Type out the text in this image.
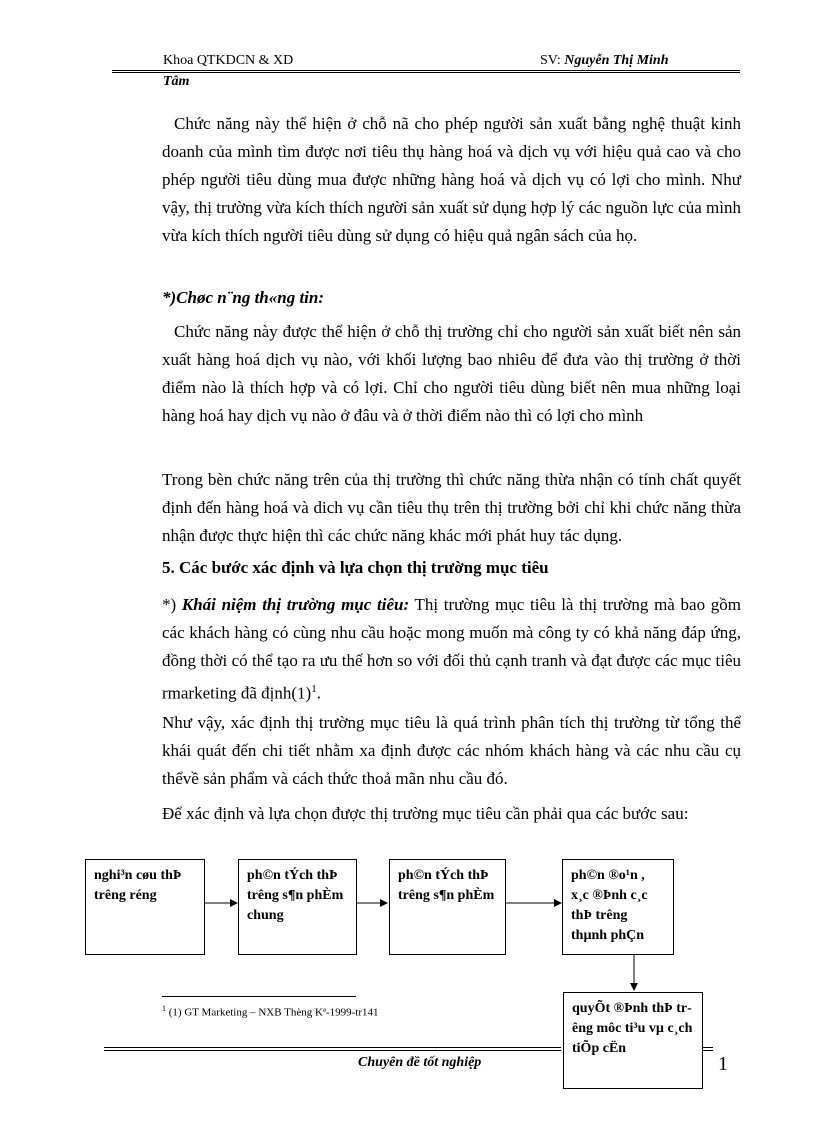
Khoa QTKDCN & XD	SV: Nguyễn Thị Minh
Tâm
Chức năng này thể hiện ở chỗ nã cho phép người sản xuất bằng nghệ thuật kinh doanh của mình tìm được nơi tiêu thụ hàng hoá và dịch vụ với hiệu quả cao và cho phép người tiêu dùng mua được những hàng hoá và dịch vụ có lợi cho mình. Như vậy, thị trường vừa kích thích người sản xuất sử dụng hợp lý các nguồn lực của mình vừa kích thích người tiêu dùng sử dụng có hiệu quả ngân sách của họ.
*)Chøc n¨ng th«ng tin:
Chức năng này được thể hiện ở chỗ thị trường chỉ cho người sản xuất biết nên sản xuất hàng hoá dịch vụ nào, với khối lượng bao nhiêu để đưa vào thị trường ở thời điểm nào là thích hợp và có lợi. Chỉ cho người tiêu dùng biết nên mua những loại hàng hoá hay dịch vụ nào ở đâu và ở thời điểm nào thì có lợi cho mình
Trong bèn chức năng trên của thị trường thì chức năng thừa nhận có tính chất quyết định đến hàng hoá và dich vụ cần tiêu thụ trên thị trường bởi chỉ khi chức năng thừa nhận được thực hiện thì các chức năng khác mới phát huy tác dụng.
5. Các bước xác định và lựa chọn thị trường mục tiêu
*) Khái niệm thị trường mục tiêu: Thị trường mục tiêu là thị trường mà bao gồm các khách hàng có cùng nhu cầu hoặc mong muốn mà công ty có khả năng đáp ứng, đồng thời có thể tạo ra ưu thế hơn so với đối thủ cạnh tranh và đạt được các mục tiêu rmarketing đã $định(1)^1$.
Như vậy, xác định thị trường mục tiêu là quá trình phân tích thị trường từ tổng thể khái quát đến chi tiết nhằm xa định được các nhóm khách hàng và các nhu cầu cụ thểvề sản phẩm và cách thức thoả mãn nhu cầu đó.
Để xác định và lựa chọn được thị trường mục tiêu cần phải qua các bước sau:
nghi³n cøu thÞ trêng réng
ph©n tÝch thÞ trêng s¶n phÈm chung
ph©n tÝch thÞ trêng s¶n phÈm
ph©n ®o¹n , x¸c ®Þnh c¸c thÞ trêng thµnh phÇn
quyÕt ®Þnh thÞ trêng môc ti³u vµ c¸ch tiÕp cËn
$^1$ (1) GT Marketing – NXB Thèng Kª-1999-tr141
Chuyên đề tốt nghiệp	1
